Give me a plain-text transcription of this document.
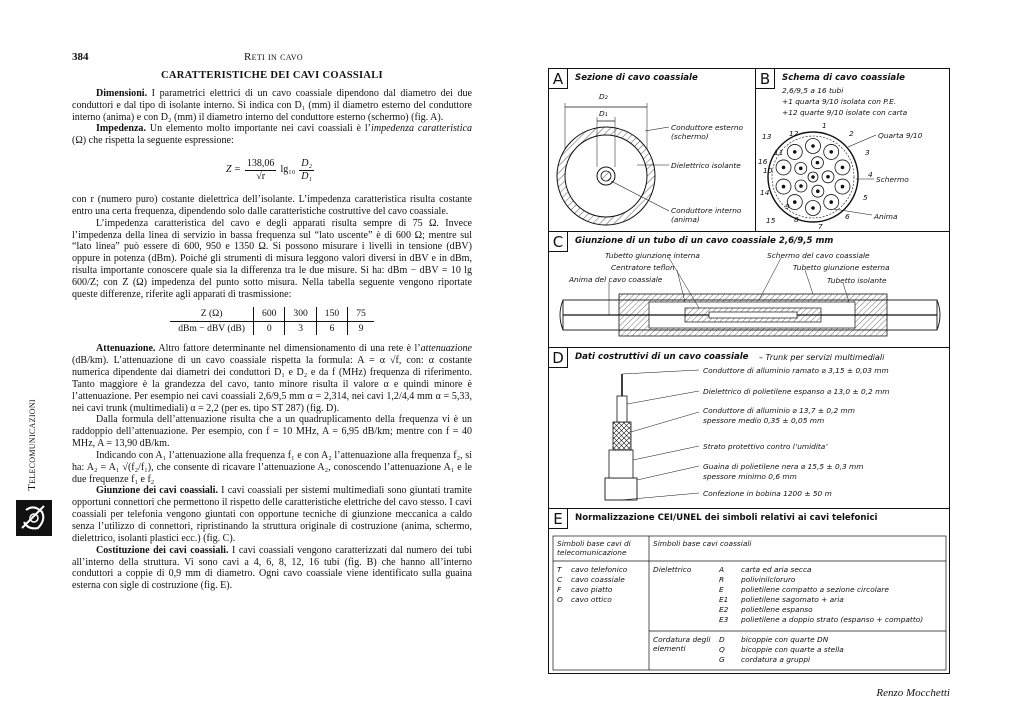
384	Reti in cavo
Telecomunicazioni
CARATTERISTICHE DEI CAVI COASSIALI

Dimensioni. I parametrici elettrici di un cavo coassiale dipendono dal diametro dei due conduttori e dal tipo di isolante interno. Si indica con D₁ (mm) il diametro esterno del conduttore interno (anima) e con D₂ (mm) il diametro interno del conduttore esterno (schermo) (fig. A).

Impedenza. Un elemento molto importante nei cavi coassiali è l’impedenza caratteristica (Ω) che rispetta la seguente espressione:

$Z = \frac{138,06}{√r} \lg_{10} \frac{\text{D₂}}{\text{D₁}}$

con r (numero puro) costante dielettrica dell’isolante. L’impedenza caratteristica risulta costante entro una certa frequenza, dipendendo solo dalle caratteristiche costruttive del cavo coassiale.

L’impedenza caratteristica del cavo e degli apparati risulta sempre di 75 Ω. Invece l’impedenza della linea di servizio in bassa frequenza sul “lato uscente” è di 600 Ω; mentre sul “lato linea” può essere di 600, 950 e 1350 Ω. Si possono misurare i livelli in tensione (dBV) oppure in potenza (dBm). Poiché gli strumenti di misura leggono valori diversi in dBV e in dBm, risulta importante conoscere quale sia la differenza tra le due misure. Si ha: dBm − dBV = 10 lg 600/Z; con Z (Ω) impedenza del punto sotto misura. Nella tabella seguente vengono riportate queste differenze, riferite agli apparati di trasmissione:

Z (Ω)	600	300	150	75
dBm − dBV (dB)	0	3	6	9

Attenuazione. Altro fattore determinante nel dimensionamento di una rete è l’attenuazione (dB/km). L’attenuazione di un cavo coassiale rispetta la formula: A = α √f, con: α costante numerica dipendente dai diametri dei conduttori D₁ e D₂ e da f (MHz) frequenza di riferimento. Tanto maggiore è la grandezza del cavo, tanto minore risulta il valore α e quindi minore è l’attenuazione. Per esempio nei cavi coassiali 2,6/9,5 mm α = 2,314, nei cavi 1,2/4,4 mm α = 5,33, nei cavi trunk (multimediali) α = 2,2 (per es. tipo ST 287) (fig. D).

Dalla formula dell’attenuazione risulta che a un quadruplicamento della frequenza vi è un raddoppio dell’attenuazione. Per esempio, con f = 10 MHz, A = 6,95 dB/km; mentre con f = 40 MHz, A = 13,90 dB/km.

Indicando con A₁ l’attenuazione alla frequenza f₁ e con A₂ l’attenuazione alla frequenza f₂, si ha: A₂ = A₁ √(f₂/f₁), che consente di ricavare l’attenuazione A₂, conoscendo l’attenuazione A₁ e le due frequenze f₁ e f₂

Giunzione dei cavi coassiali. I cavi coassiali per sistemi multimediali sono giuntati tramite opportuni connettori che permettono il rispetto delle caratteristiche elettriche del cavo stesso. I cavi coassiali per telefonia vengono giuntati con opportune tecniche di giunzione meccanica a caldo senza l’utilizzo di connettori, ripristinando la struttura originale di costruzione (anima, schermo, dielettrico, isolanti plastici ecc.) (fig. C).

Costituzione dei cavi coassiali. I cavi coassiali vengono caratterizzati dal numero dei tubi all’interno della struttura. Vi sono cavi a 4, 6, 8, 12, 16 tubi (fig. B) che hanno all’interno conduttori a coppie di 0,9 mm di diametro. Ogni cavo coassiale viene identificato sulla guaina esterna con sigle di costruzione (fig. E).

A	Sezione di cavo coassiale
D₂
D₁
Conduttore esterno
(schermo)
Dielettrico isolante
Conduttore interno
(anima)
B	Schema di cavo coassiale
2,6/9,5 a 16 tubi
+1 quarta 9/10 isolata con P.E.
+12 quarte 9/10 isolate con carta
Quarta 9/10
Schermo
Anima
1
2
3
4
5
6
7
8
9
10
11
12
13
14
15
16
C	Giunzione di un tubo di un cavo coassiale 2,6/9,5 mm
Tubetto giunzione interna	Schermo del cavo coassiale
Centratore teflon	Tubetto giunzione esterna
Anima del cavo coassiale	Tubetto isolante
D	Dati costruttivi di un cavo coassiale – Trunk per servizi multimediali
Conduttore di alluminio ramato ⌀ 3,15 ± 0,03 mm
Dielettrico di polietilene espanso ⌀ 13,0 ± 0,2 mm
Conduttore di alluminio ⌀ 13,7 ± 0,2 mm
spessore medio 0,35 ± 0,05 mm
Strato protettivo contro l’umidita’
Guaina di polietilene nera ⌀ 15,5 ± 0,3 mm
spessore minimo 0,6 mm
Confezione in bobina 1200 ± 50 m
E	Normalizzazione CEI/UNEL dei simboli relativi ai cavi telefonici
Simboli base cavi di telecomunicazione
Simboli base cavi coassiali
T cavo telefonico
C cavo coassiale
F cavo piatto
O cavo ottico
Dielettrico	A carta ed aria secca
R polivinilcloruro
E polietilene compatto a sezione circolare
E1 polietilene sagomato + aria
E2 polietilene espanso
E3 polietilene a doppio strato (espanso + compatto)
Cordatura degli elementi
D bicoppie con quarte DN
Q bicoppie con quarte a stella
G cordatura a gruppi
Renzo Mocchetti
